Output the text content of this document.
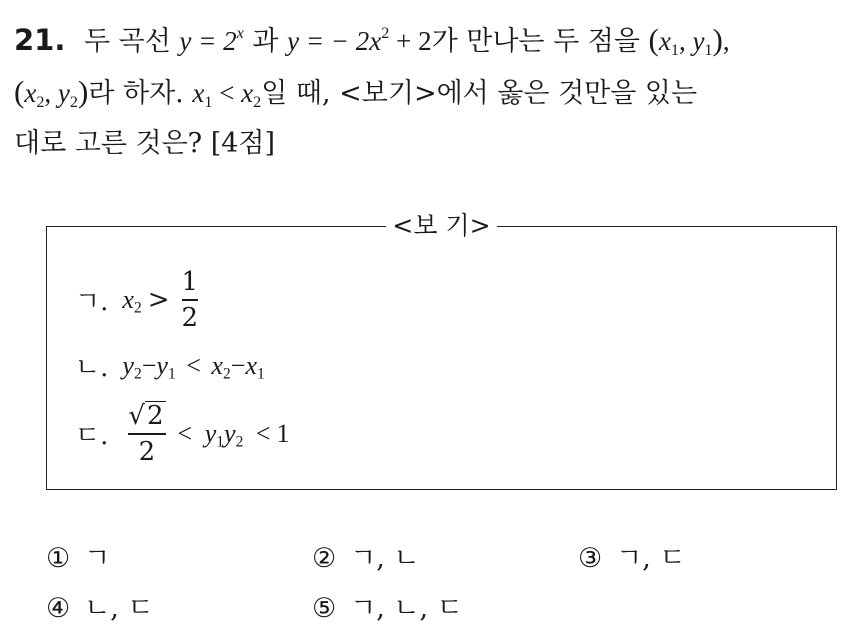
21. 두 곡선 $y = 2^x$ 과 y = − $2x^2 + 2$가 만나는 두 점을 ($x_1$, $y_1$),
($x_2$, $y_2$)라 하자. $x_1 < x_2$일 때, <보기>에서 옳은 것만을 있는
대로 고른 것은? [4점]
<보 기>
ㄱ. $x_2 > \frac{1}{2}$
ㄴ. $y_2-y_1 < x_2-x_1$
ㄷ. $\frac{√ 2}{2} < y_1y_2 < 1$
① ㄱ	② ㄱ, ㄴ	③ ㄱ, ㄷ
④ ㄴ, ㄷ	⑤ ㄱ, ㄴ, ㄷ
